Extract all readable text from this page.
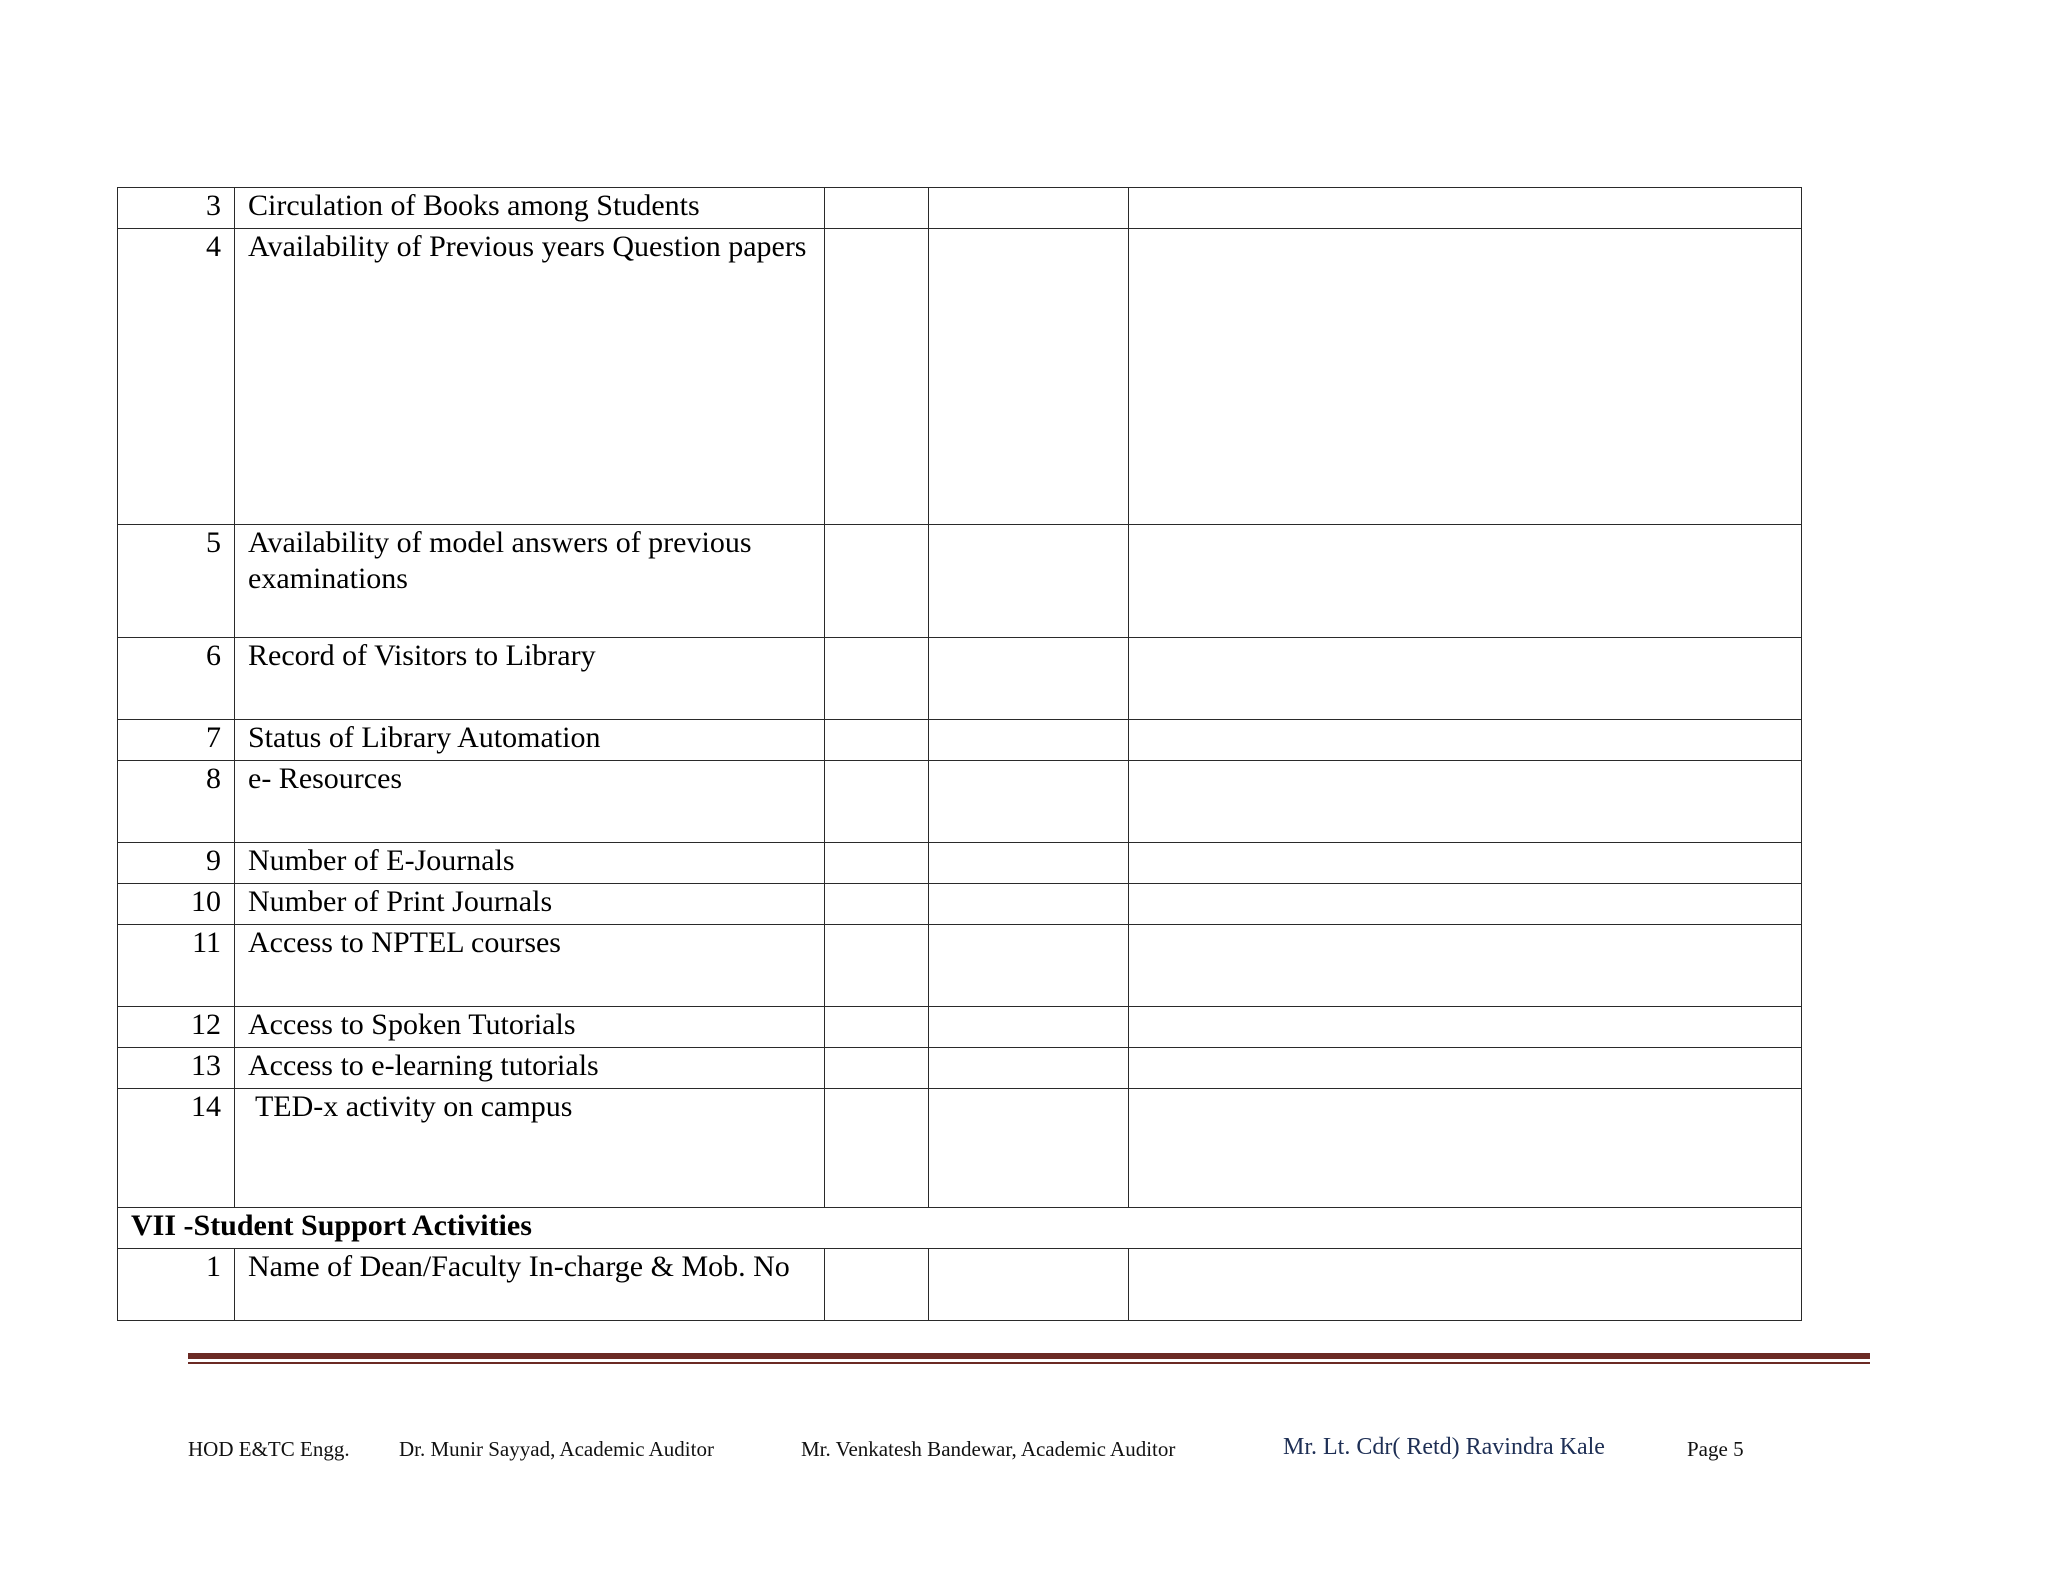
3	Circulation of Books among Students			
4	Availability of Previous years Question papers			
5	Availability of model answers of previous examinations			
6	Record of Visitors to Library			
7	Status of Library Automation			
8	e- Resources			
9	Number of E-Journals			
10	Number of Print Journals			
11	Access to NPTEL courses			
12	Access to Spoken Tutorials			
13	Access to e-learning tutorials			
14	TED-x activity on campus			
VII -Student Support Activities				
1	Name of Dean/Faculty In-charge & Mob. No			
HOD E&TC Engg. Dr. Munir Sayyad, Academic Auditor	Mr. Venkatesh Bandewar, Academic Auditor	Mr. Lt. Cdr( Retd) Ravindra Kale	Page 5
